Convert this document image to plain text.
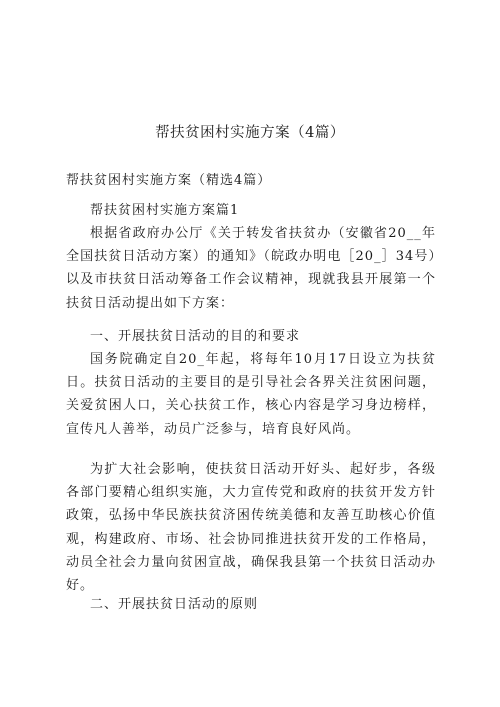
帮扶贫困村实施方案（4篇）
帮扶贫困村实施方案（精选4篇）
帮扶贫困村实施方案篇1

根据省政府办公厅《关于转发省扶贫办（安徽省20__年全国扶贫日活动方案）的通知》（皖政办明电［20_］34号）以及市扶贫日活动筹备工作会议精神，现就我县开展第一个扶贫日活动提出如下方案：

一、开展扶贫日活动的目的和要求

国务院确定自20_年起，将每年10月17日设立为扶贫日。扶贫日活动的主要目的是引导社会各界关注贫困问题，关爱贫困人口，关心扶贫工作，核心内容是学习身边榜样，宣传凡人善举，动员广泛参与，培育良好风尚。

为扩大社会影响，使扶贫日活动开好头、起好步，各级各部门要精心组织实施，大力宣传党和政府的扶贫开发方针政策，弘扬中华民族扶贫济困传统美德和友善互助核心价值观，构建政府、市场、社会协同推进扶贫开发的工作格局，动员全社会力量向贫困宣战，确保我县第一个扶贫日活动办好。

二、开展扶贫日活动的原则
